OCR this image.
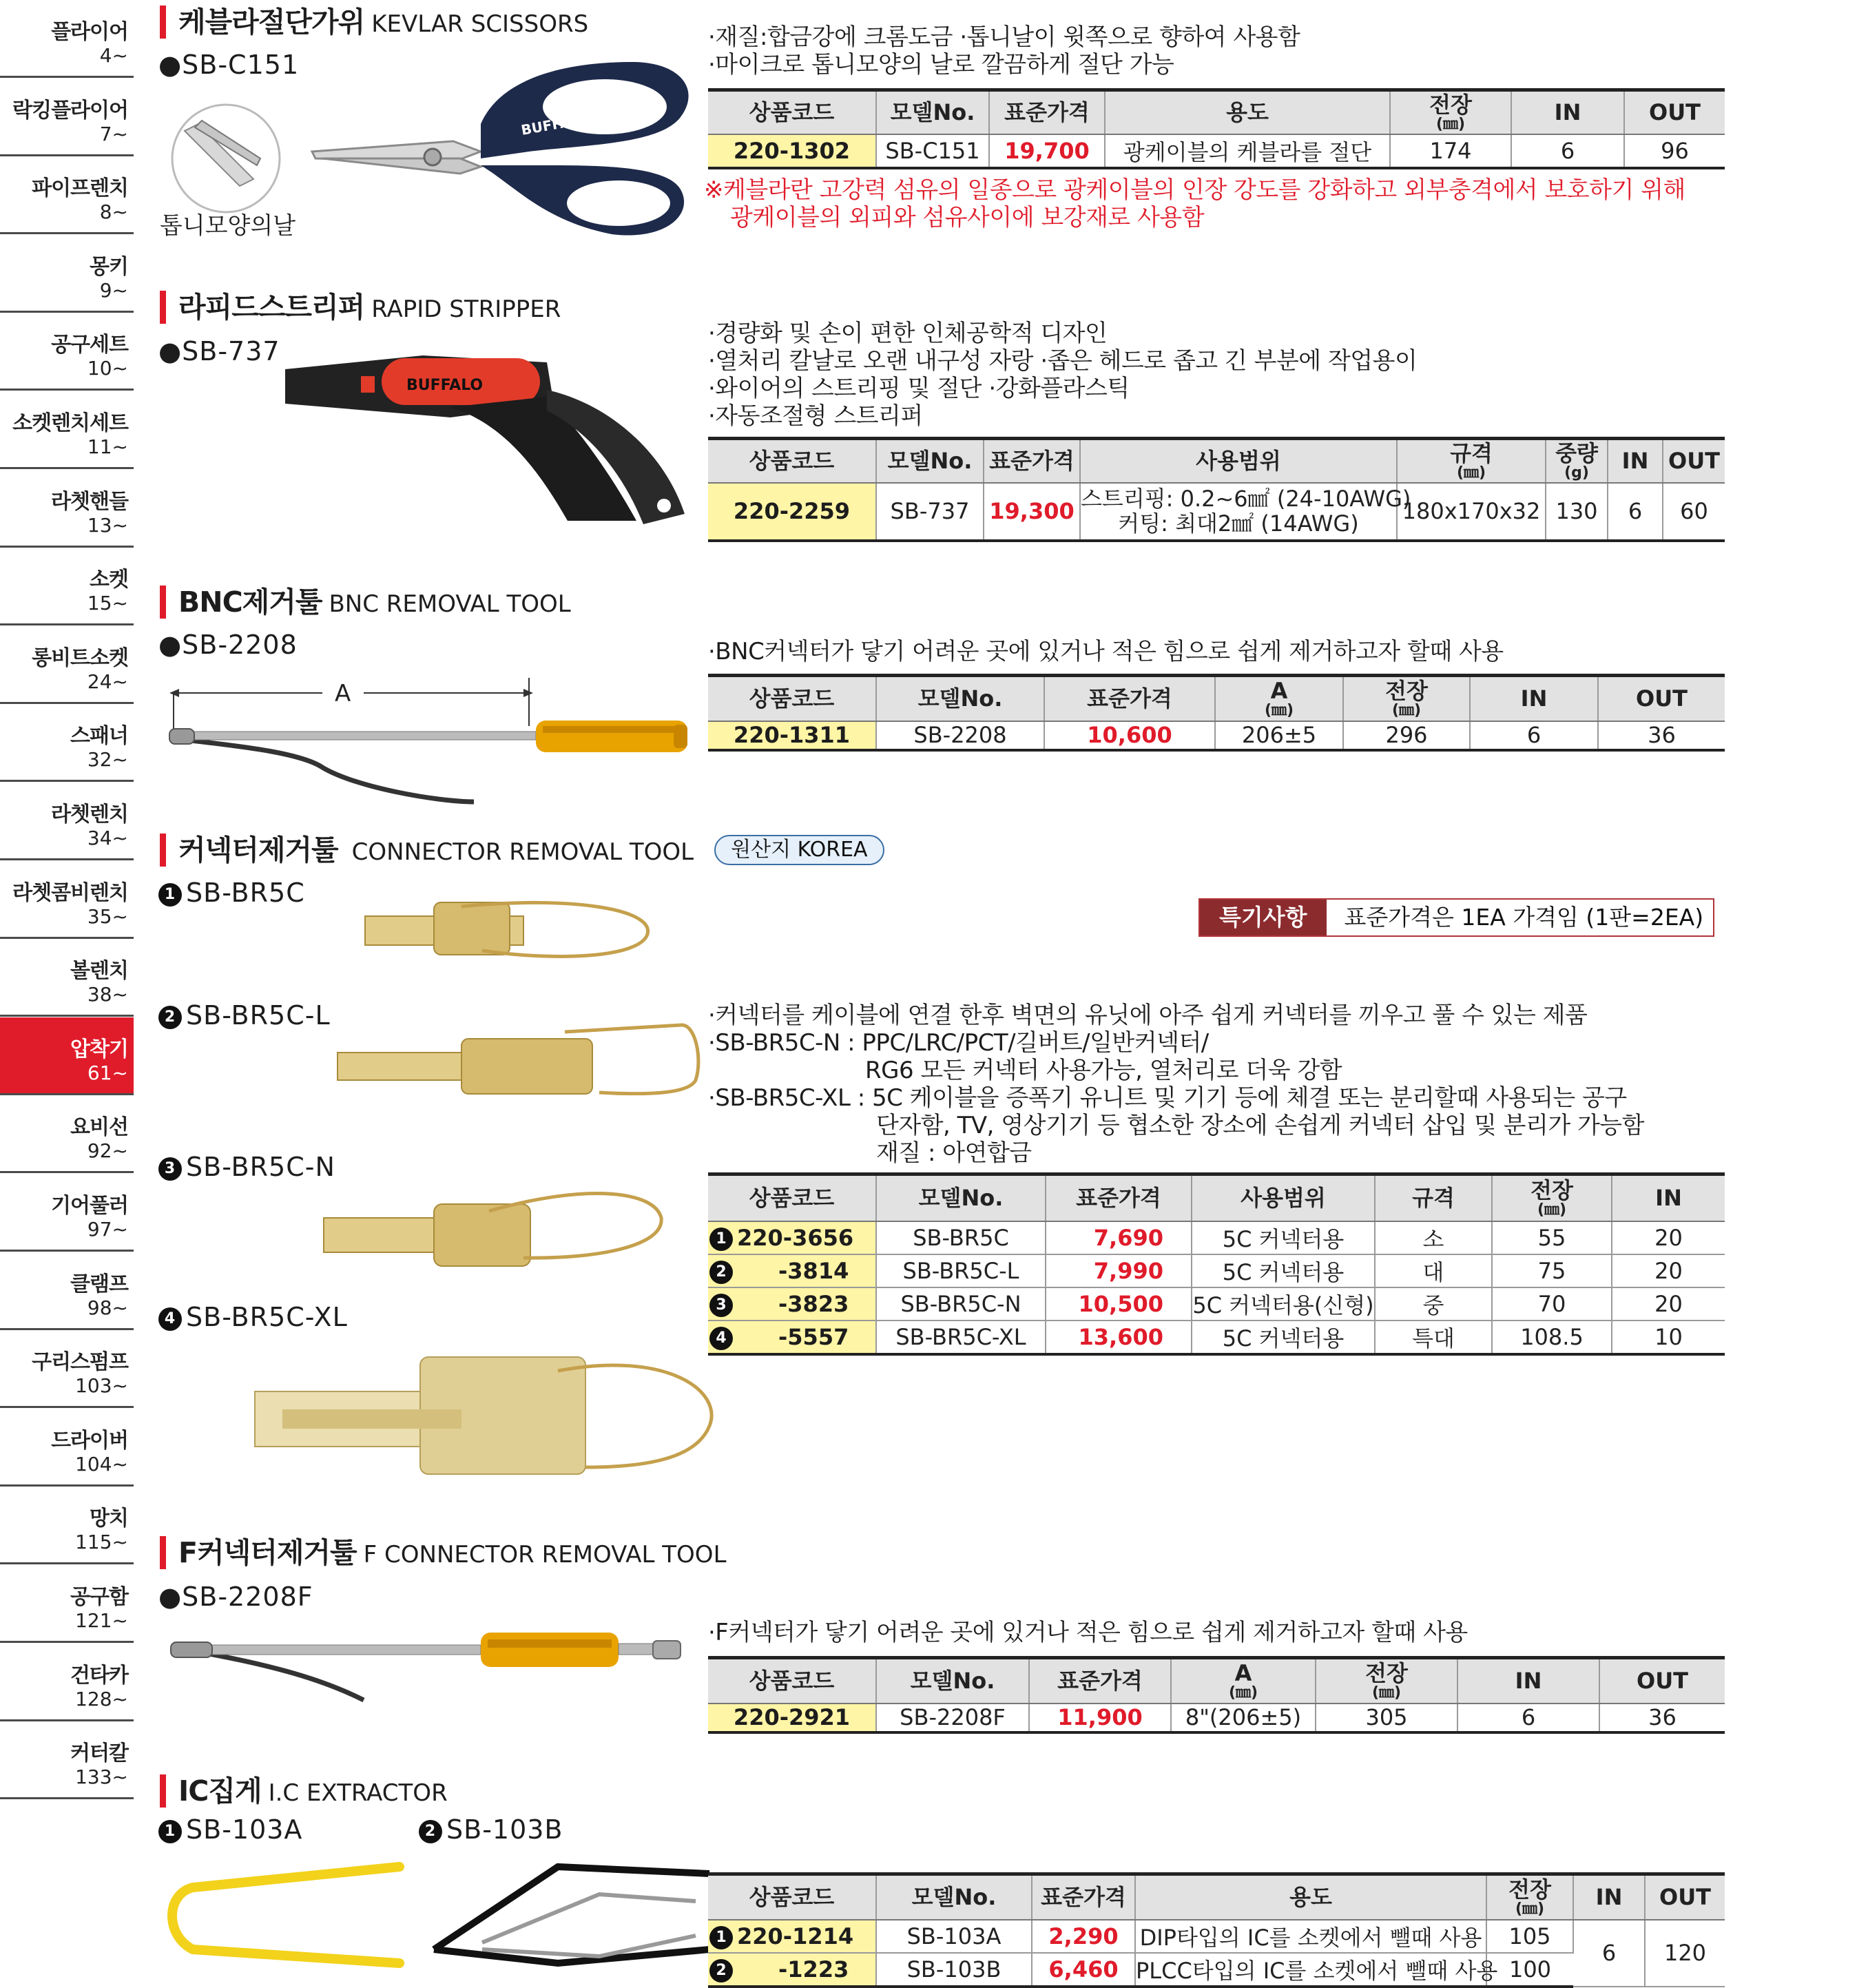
플라이어
4~
락킹플라이어
7~
파이프렌치
8~
몽키
9~
공구세트
10~
소켓렌치세트
11~
라쳇핸들
13~
소켓
15~
롱비트소켓
24~
스패너
32~
라쳇렌치
34~
라쳇콤비렌치
35~
볼렌치
38~
압착기
61~
요비선
92~
기어풀러
97~
클램프
98~
구리스펌프
103~
드라이버
104~
망치
115~
공구함
121~
건타카
128~
커터칼
133~
케블라절단가위 KEVLAR SCISSORS
●SB-C151
BUFFALO
톱니모양의날
·재질:합금강에 크롬도금 ·톱니날이 윗쪽으로 향하여 사용함
·마이크로 톱니모양의 날로 깔끔하게 절단 가능
상품코드	모델No.	표준가격	용도	전장
(㎜)	IN	OUT
220-1302	SB-C151	19,700	광케이블의 케블라를 절단	174	6	96
※케블라란 고강력 섬유의 일종으로 광케이블의 인장 강도를 강화하고 외부충격에서 보호하기 위해
광케이블의 외피와 섬유사이에 보강재로 사용함
라피드스트리퍼 RAPID STRIPPER
●SB-737
BUFFALO
·경량화 및 손이 편한 인체공학적 디자인
·열처리 칼날로 오랜 내구성 자랑 ·좁은 헤드로 좁고 긴 부분에 작업용이
·와이어의 스트리핑 및 절단 ·강화플라스틱
·자동조절형 스트리퍼
상품코드	모델No.	표준가격	사용범위	규격
(㎜)	중량
(g)	IN	OUT
220-2259	SB-737	19,300	스트리핑: 0.2~6㎟ (24-10AWG)
커팅: 최대2㎟ (14AWG)	180x170x32	130	6	60
BNC제거툴 BNC REMOVAL TOOL
●SB-2208
A
·BNC커넥터가 닿기 어려운 곳에 있거나 적은 힘으로 쉽게 제거하고자 할때 사용
상품코드	모델No.	표준가격	A
(㎜)	전장
(㎜)	IN	OUT
220-1311	SB-2208	10,600	206±5	296	6	36
커넥터제거툴 CONNECTOR REMOVAL TOOL 원산지 KOREA
1 SB-BR5C
2 SB-BR5C-L
3 SB-BR5C-N
4 SB-BR5C-XL
특기사항	표준가격은 1EA 가격임 (1판=2EA)
·커넥터를 케이블에 연결 한후 벽면의 유닛에 아주 쉽게 커넥터를 끼우고 풀 수 있는 제품
·SB-BR5C-N : PPC/LRC/PCT/길버트/일반커넥터/
RG6 모든 커넥터 사용가능, 열처리로 더욱 강함
·SB-BR5C-XL : 5C 케이블을 증폭기 유니트 및 기기 등에 체결 또는 분리할때 사용되는 공구
단자함, TV, 영상기기 등 협소한 장소에 손쉽게 커넥터 삽입 및 분리가 가능함
재질 : 아연합금
상품코드	모델No.	표준가격	사용범위	규격	전장
(㎜)	IN
1 220-3656	SB-BR5C	7,690	5C 커넥터용	소	55	20
2 -3814	SB-BR5C-L	7,990	5C 커넥터용	대	75	20
3 -3823	SB-BR5C-N	10,500	5C 커넥터용(신형)	중	70	20
4 -5557	SB-BR5C-XL	13,600	5C 커넥터용	특대	108.5	10
F커넥터제거툴 F CONNECTOR REMOVAL TOOL
●SB-2208F
·F커넥터가 닿기 어려운 곳에 있거나 적은 힘으로 쉽게 제거하고자 할때 사용
상품코드	모델No.	표준가격	A
(㎜)	전장
(㎜)	IN	OUT
220-2921	SB-2208F	11,900	8"(206±5)	305	6	36
IC집게 I.C EXTRACTOR
1 SB-103A	2 SB-103B
상품코드	모델No.	표준가격	용도	전장
(㎜)	IN	OUT
1 220-1214	SB-103A	2,290	DIP타입의 IC를 소켓에서 뺄때 사용	105	6	120
2 -1223	SB-103B	6,460	PLCC타입의 IC를 소켓에서 뺄때 사용	100		
